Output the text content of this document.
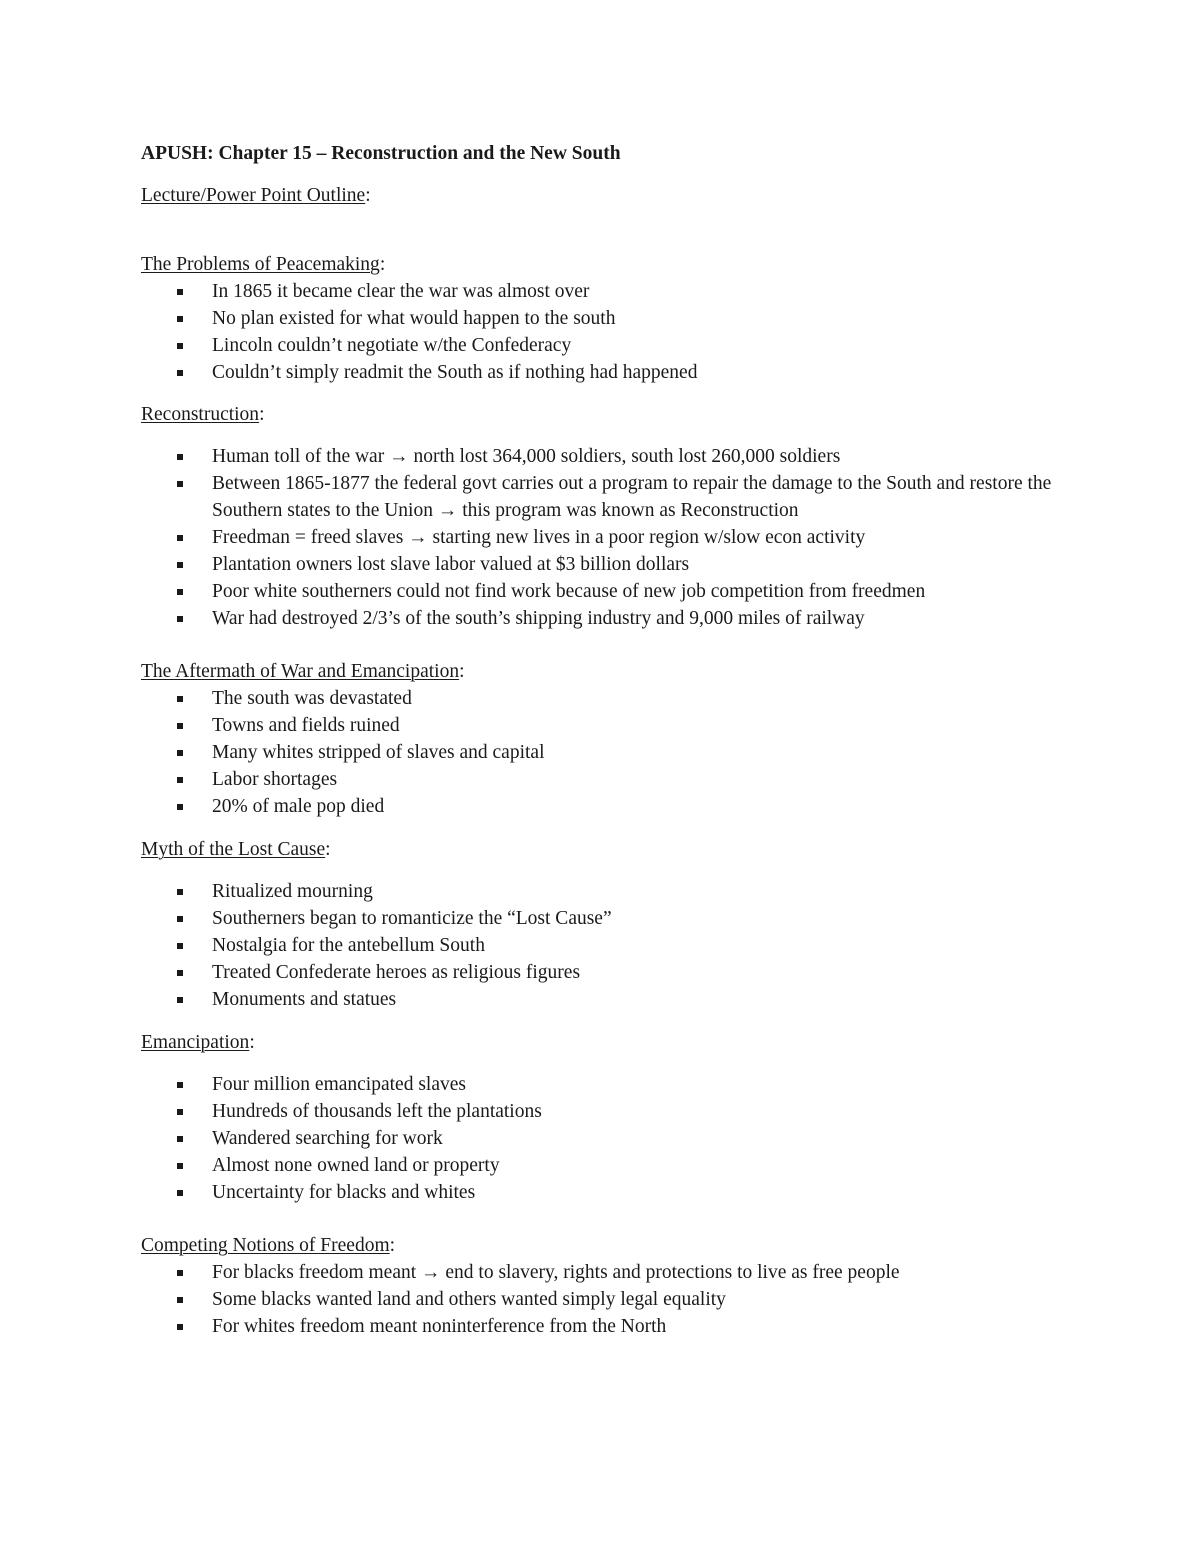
APUSH: Chapter 15 – Reconstruction and the New South

Lecture/Power Point Outline:

The Problems of Peacemaking:

In 1865 it became clear the war was almost over
No plan existed for what would happen to the south
Lincoln couldn’t negotiate w/the Confederacy
Couldn’t simply readmit the South as if nothing had happened

Reconstruction:

Human toll of the war → north lost 364,000 soldiers, south lost 260,000 soldiers
Between 1865-1877 the federal govt carries out a program to repair the damage to the South and restore the Southern states to the Union → this program was known as Reconstruction
Freedman = freed slaves → starting new lives in a poor region w/slow econ activity
Plantation owners lost slave labor valued at $3 billion dollars
Poor white southerners could not find work because of new job competition from freedmen
War had destroyed 2/3’s of the south’s shipping industry and 9,000 miles of railway

The Aftermath of War and Emancipation:

The south was devastated
Towns and fields ruined
Many whites stripped of slaves and capital
Labor shortages
20% of male pop died

Myth of the Lost Cause:

Ritualized mourning
Southerners began to romanticize the “Lost Cause”
Nostalgia for the antebellum South
Treated Confederate heroes as religious figures
Monuments and statues

Emancipation:

Four million emancipated slaves
Hundreds of thousands left the plantations
Wandered searching for work
Almost none owned land or property
Uncertainty for blacks and whites

Competing Notions of Freedom:

For blacks freedom meant → end to slavery, rights and protections to live as free people
Some blacks wanted land and others wanted simply legal equality
For whites freedom meant noninterference from the North
